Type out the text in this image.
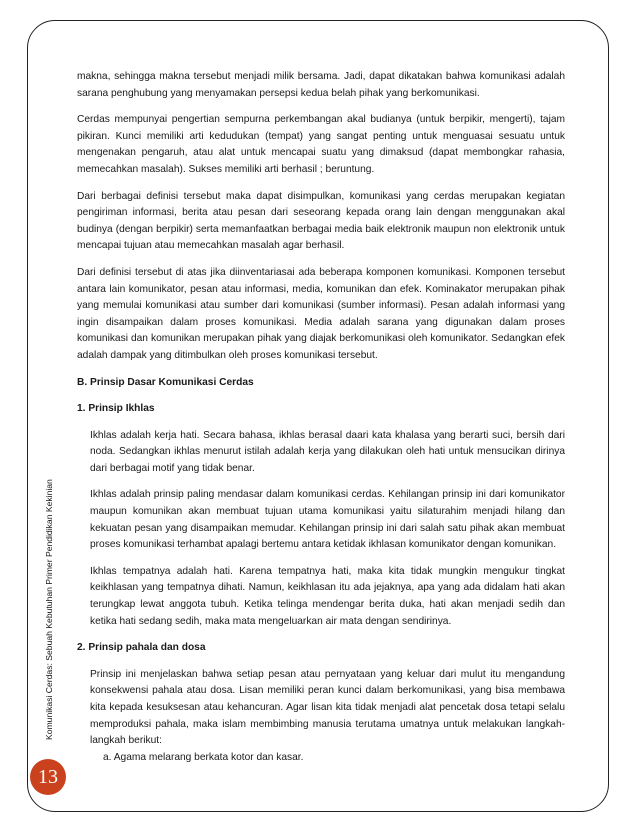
Komunikasi Cerdas: Sebuah Kebutuhan Primer Pendidikan Kekinian
13

makna, sehingga makna tersebut menjadi milik bersama. Jadi, dapat dikatakan bahwa komunikasi adalah sarana penghubung yang menyamakan persepsi kedua belah pihak yang berkomunikasi.

Cerdas mempunyai pengertian sempurna perkembangan akal budianya (untuk berpikir, mengerti), tajam pikiran. Kunci memiliki arti kedudukan (tempat) yang sangat penting untuk menguasai sesuatu untuk mengenakan pengaruh, atau alat untuk mencapai suatu yang dimaksud (dapat membongkar rahasia, memecahkan masalah). Sukses memiliki arti berhasil ; beruntung.

Dari berbagai definisi tersebut maka dapat disimpulkan, komunikasi yang cerdas merupakan kegiatan pengiriman informasi, berita atau pesan dari seseorang kepada orang lain dengan menggunakan akal budinya (dengan berpikir) serta memanfaatkan berbagai media baik elektronik maupun non elektronik untuk mencapai tujuan atau memecahkan masalah agar berhasil.

Dari definisi tersebut di atas jika diinventariasai ada beberapa komponen komunikasi. Komponen tersebut antara lain komunikator, pesan atau informasi, media, komunikan dan efek. Kominakator merupakan pihak yang memulai komunikasi atau sumber dari komunikasi (sumber informasi). Pesan adalah informasi yang ingin disampaikan dalam proses komunikasi. Media adalah sarana yang digunakan dalam proses komunikasi dan komunikan merupakan pihak yang diajak berkomunikasi oleh komunikator. Sedangkan efek adalah dampak yang ditimbulkan oleh proses komunikasi tersebut.

B. Prinsip Dasar Komunikasi Cerdas
1. Prinsip Ikhlas

Ikhlas adalah kerja hati. Secara bahasa, ikhlas berasal daari kata khalasa yang berarti suci, bersih dari noda. Sedangkan ikhlas menurut istilah adalah kerja yang dilakukan oleh hati untuk mensucikan dirinya dari berbagai motif yang tidak benar.

Ikhlas adalah prinsip paling mendasar dalam komunikasi cerdas. Kehilangan prinsip ini dari komunikator maupun komunikan akan membuat tujuan utama komunikasi yaitu silaturahim menjadi hilang dan kekuatan pesan yang disampaikan memudar. Kehilangan prinsip ini dari salah satu pihak akan membuat proses komunikasi terhambat apalagi bertemu antara ketidak ikhlasan komunikator dengan komunikan.

Ikhlas tempatnya adalah hati. Karena tempatnya hati, maka kita tidak mungkin mengukur tingkat keikhlasan yang tempatnya dihati. Namun, keikhlasan itu ada jejaknya, apa yang ada didalam hati akan terungkap lewat anggota tubuh. Ketika telinga mendengar berita duka, hati akan menjadi sedih dan ketika hati sedang sedih, maka mata mengeluarkan air mata dengan sendirinya.

2. Prinsip pahala dan dosa

Prinsip ini menjelaskan bahwa setiap pesan atau pernyataan yang keluar dari mulut itu mengandung konsekwensi pahala atau dosa. Lisan memiliki peran kunci dalam berkomunikasi, yang bisa membawa kita kepada kesuksesan atau kehancuran. Agar lisan kita tidak menjadi alat pencetak dosa tetapi selalu memproduksi pahala, maka islam membimbing manusia terutama umatnya untuk melakukan langkah-langkah berikut:

a. Agama melarang berkata kotor dan kasar.
